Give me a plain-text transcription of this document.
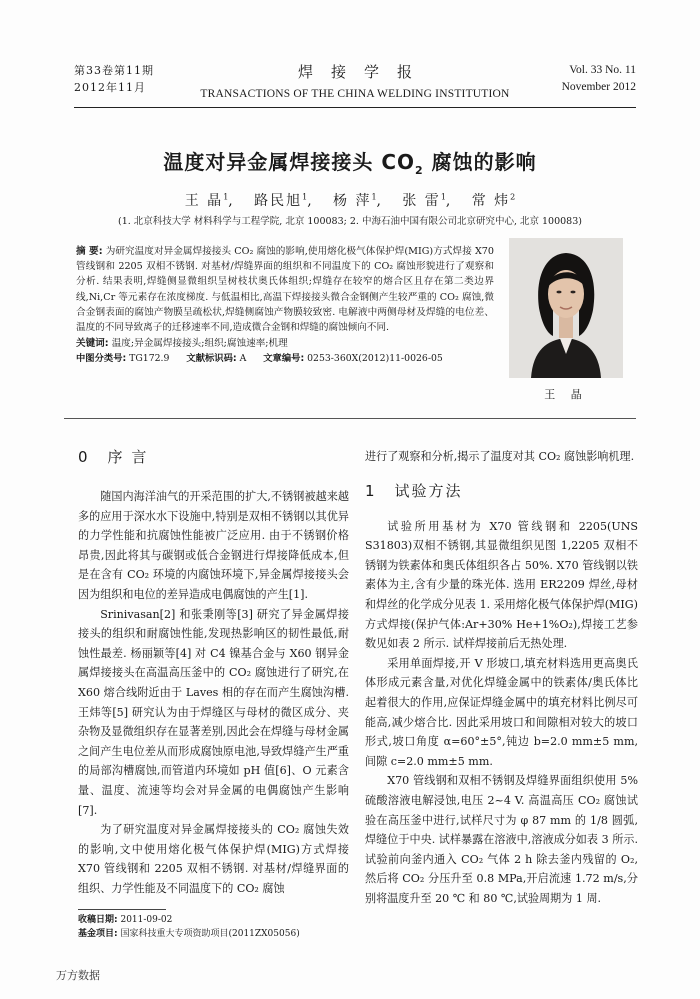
第33卷第11期
2012年11月
焊接学报
TRANSACTIONS OF THE CHINA WELDING INSTITUTION
Vol. 33 No. 11
November 2012
温度对异金属焊接接头 $CO_2$ 腐蚀的影响
王 晶$^1$,   路民旭$^1$,   杨 萍$^1$,   张 雷$^1$,   常 炜$^2$
(1. 北京科技大学 材料科学与工程学院, 北京 100083; 2. 中海石油中国有限公司北京研究中心, 北京 100083)
摘 要: 为研究温度对异金属焊接接头 CO₂ 腐蚀的影响,使用熔化极气体保护焊(MIG)方式焊接 X70 管线钢和 2205 双相不锈钢. 对基材/焊缝界面的组织和不同温度下的 CO₂ 腐蚀形貌进行了观察和分析. 结果表明,焊缝侧显微组织呈树枝状奥氏体组织;焊缝存在较窄的熔合区且存在第二类边界线,Ni,Cr 等元素存在浓度梯度. 与低温相比,高温下焊接接头微合金钢侧产生较严重的 CO₂ 腐蚀,微合金钢表面的腐蚀产物膜呈疏松状,焊缝侧腐蚀产物膜较致密. 电解液中两侧母材及焊缝的电位差、温度的不同导致离子的迁移速率不同,造成微合金钢和焊缝的腐蚀倾向不同.
关键词: 温度;异金属焊接接头;组织;腐蚀速率;机理
中图分类号: TG172.9 文献标识码: A 文章编号: 0253-360X(2012)11-0026-05
王 晶
0 序 言

随国内海洋油气的开采范围的扩大,不锈钢被越来越多的应用于深水水下设施中,特别是双相不锈钢以其优异的力学性能和抗腐蚀性能被广泛应用. 由于不锈钢价格昂贵,因此将其与碳钢或低合金钢进行焊接降低成本,但是在含有 CO₂ 环境的内腐蚀环境下,异金属焊接接头会因为组织和电位的差异造成电偶腐蚀的产生[1].

Srinivasan[2] 和张秉刚等[3] 研究了异金属焊接接头的组织和耐腐蚀性能,发现热影响区的韧性最低,耐蚀性最差. 杨丽颖等[4] 对 C4 镍基合金与 X60 钢异金属焊接接头在高温高压釜中的 CO₂ 腐蚀进行了研究,在 X60 熔合线附近由于 Laves 相的存在而产生腐蚀沟槽. 王炜等[5] 研究认为由于焊缝区与母材的微区成分、夹杂物及显微组织存在显著差别,因此会在焊缝与母材金属之间产生电位差从而形成腐蚀原电池,导致焊缝产生严重的局部沟槽腐蚀,而管道内环境如 pH 值[6]、O 元素含量、温度、流速等均会对异金属的电偶腐蚀产生影响[7].

为了研究温度对异金属焊接接头的 CO₂ 腐蚀失效的影响,文中使用熔化极气体保护焊(MIG)方式焊接 X70 管线钢和 2205 双相不锈钢. 对基材/焊缝界面的组织、力学性能及不同温度下的 CO₂ 腐蚀

进行了观察和分析,揭示了温度对其 CO₂ 腐蚀影响机理.

1 试验方法

试验所用基材为 X70 管线钢和 2205(UNS S31803)双相不锈钢,其显微组织见图 1,2205 双相不锈钢为铁素体和奥氏体组织各占 50%. X70 管线钢以铁素体为主,含有少量的珠光体. 选用 ER2209 焊丝,母材和焊丝的化学成分见表 1. 采用熔化极气体保护焊(MIG)方式焊接(保护气体:Ar+30% He+1%O₂),焊接工艺参数见如表 2 所示. 试样焊接前后无热处理.

采用单面焊接,开 V 形坡口,填充材料选用更高奥氏体形成元素含量,对优化焊缝金属中的铁素体/奥氏体比起着很大的作用,应保证焊缝金属中的填充材料比例尽可能高,减少熔合比. 因此采用坡口和间隙相对较大的坡口形式,坡口角度 α=60°±5°,钝边 b=2.0 mm±5 mm,间隙 c=2.0 mm±5 mm.

X70 管线钢和双相不锈钢及焊缝界面组织使用 5% 硫酸溶液电解浸蚀,电压 2~4 V. 高温高压 CO₂ 腐蚀试验在高压釜中进行,试样尺寸为 φ 87 mm 的 1/8 圆弧,焊缝位于中央. 试样暴露在溶液中,溶液成分如表 3 所示. 试验前向釜内通入 CO₂ 气体 2 h 除去釜内残留的 O₂,然后将 CO₂ 分压升至 0.8 MPa,开启流速 1.72 m/s,分别将温度升至 20 ℃ 和 80 ℃,试验周期为 1 周.

收稿日期: 2011-09-02
基金项目: 国家科技重大专项资助项目(2011ZX05056)
万方数据
